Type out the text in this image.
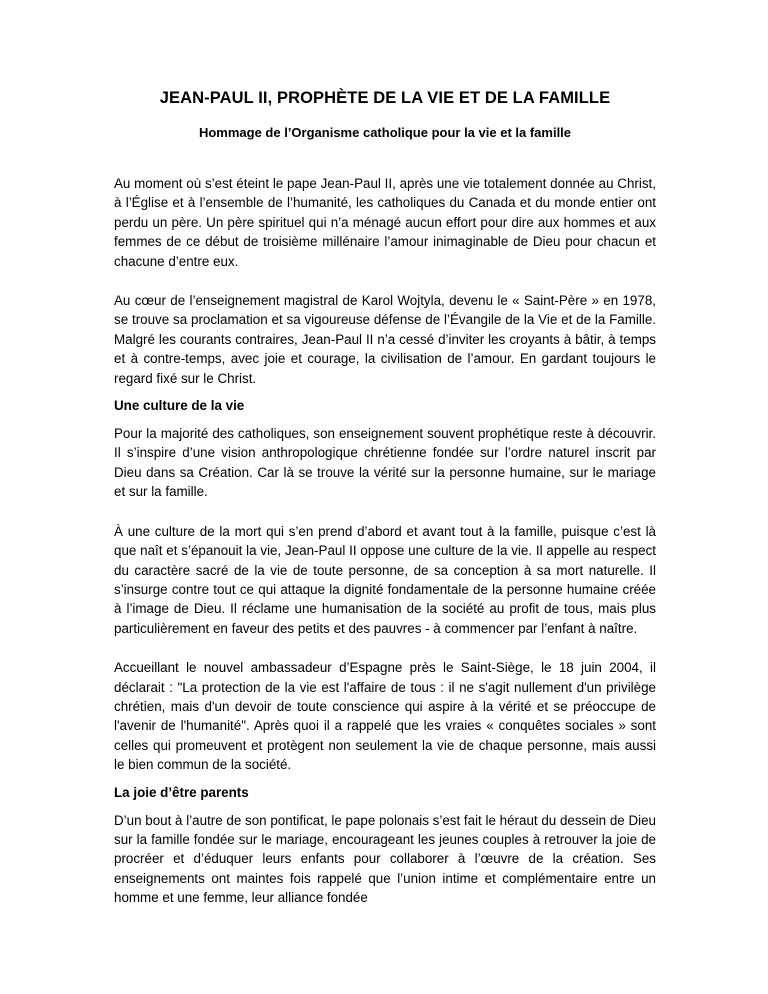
JEAN-PAUL II, PROPHÈTE DE LA VIE ET DE LA FAMILLE
Hommage de l’Organisme catholique pour la vie et la famille

Au moment où s’est éteint le pape Jean-Paul II, après une vie totalement donnée au Christ, à l’Église et à l’ensemble de l’humanité, les catholiques du Canada et du monde entier ont perdu un père. Un père spirituel qui n’a ménagé aucun effort pour dire aux hommes et aux femmes de ce début de troisième millénaire l’amour inimaginable de Dieu pour chacun et chacune d’entre eux.

Au cœur de l’enseignement magistral de Karol Wojtyla, devenu le « Saint-Père » en 1978, se trouve sa proclamation et sa vigoureuse défense de l’Évangile de la Vie et de la Famille. Malgré les courants contraires, Jean-Paul II n’a cessé d’inviter les croyants à bâtir, à temps et à contre-temps, avec joie et courage, la civilisation de l’amour. En gardant toujours le regard fixé sur le Christ.

Une culture de la vie

Pour la majorité des catholiques, son enseignement souvent prophétique reste à découvrir. Il s’inspire d’une vision anthropologique chrétienne fondée sur l’ordre naturel inscrit par Dieu dans sa Création. Car là se trouve la vérité sur la personne humaine, sur le mariage et sur la famille.

À une culture de la mort qui s’en prend d’abord et avant tout à la famille, puisque c’est là que naît et s’épanouit la vie, Jean-Paul II oppose une culture de la vie. Il appelle au respect du caractère sacré de la vie de toute personne, de sa conception à sa mort naturelle. Il s’insurge contre tout ce qui attaque la dignité fondamentale de la personne humaine créée à l’image de Dieu. Il réclame une humanisation de la société au profit de tous, mais plus particulièrement en faveur des petits et des pauvres - à commencer par l’enfant à naître.

Accueillant le nouvel ambassadeur d’Espagne près le Saint-Siège, le 18 juin 2004, il déclarait : "La protection de la vie est l'affaire de tous : il ne s'agit nullement d'un privilège chrétien, mais d'un devoir de toute conscience qui aspire à la vérité et se préoccupe de l'avenir de l'humanité". Après quoi il a rappelé que les vraies « conquêtes sociales » sont celles qui promeuvent et protègent non seulement la vie de chaque personne, mais aussi le bien commun de la société.

La joie d’être parents

D’un bout à l’autre de son pontificat, le pape polonais s’est fait le héraut du dessein de Dieu sur la famille fondée sur le mariage, encourageant les jeunes couples à retrouver la joie de procréer et d’éduquer leurs enfants pour collaborer à l’œuvre de la création. Ses enseignements ont maintes fois rappelé que l’union intime et complémentaire entre un homme et une femme, leur alliance fondée
